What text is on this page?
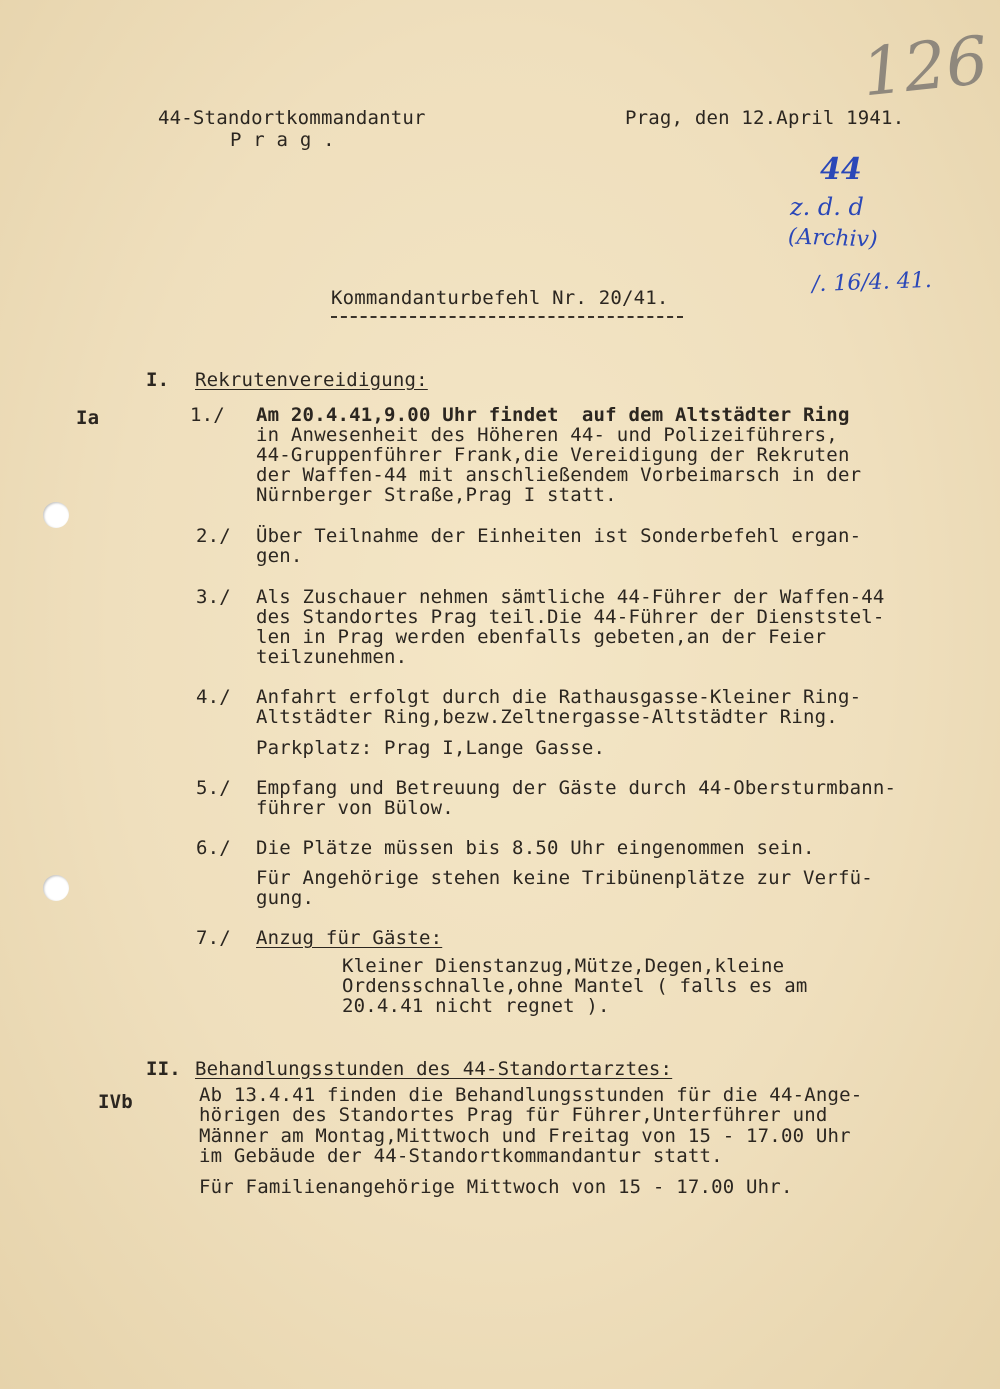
126
44-Standortkommandantur
P r a g .
Prag, den 12.April 1941.
44
z. d. d
(Archiv)
/. 16/4. 41.
Kommandanturbefehl Nr. 20/41.
I. Rekrutenvereidigung:
Ia	1./ Am 20.4.41,9.00 Uhr findet  auf dem Altstädter Ring
in Anwesenheit des Höheren 44- und Polizeiführers,
44-Gruppenführer Frank,die Vereidigung der Rekruten
der Waffen-44 mit anschließendem Vorbeimarsch in der
Nürnberger Straße,Prag I statt.
2./ Über Teilnahme der Einheiten ist Sonderbefehl ergan-
gen.
3./ Als Zuschauer nehmen sämtliche 44-Führer der Waffen-44
des Standortes Prag teil.Die 44-Führer der Dienststel-
len in Prag werden ebenfalls gebeten,an der Feier
teilzunehmen.
4./ Anfahrt erfolgt durch die Rathausgasse-Kleiner Ring-
Altstädter Ring,bezw.Zeltnergasse-Altstädter Ring.
Parkplatz: Prag I,Lange Gasse.
5./ Empfang und Betreuung der Gäste durch 44-Obersturmbann-
führer von Bülow.
6./ Die Plätze müssen bis 8.50 Uhr eingenommen sein.
Für Angehörige stehen keine Tribünenplätze zur Verfü-
gung.
7./ Anzug für Gäste:
Kleiner Dienstanzug,Mütze,Degen,kleine
Ordensschnalle,ohne Mantel ( falls es am
20.4.41 nicht regnet ).
II. Behandlungsstunden des 44-Standortarztes:
IVb	Ab 13.4.41 finden die Behandlungsstunden für die 44-Ange-
hörigen des Standortes Prag für Führer,Unterführer und
Männer am Montag,Mittwoch und Freitag von 15 - 17.00 Uhr
im Gebäude der 44-Standortkommandantur statt.
Für Familienangehörige Mittwoch von 15 - 17.00 Uhr.
